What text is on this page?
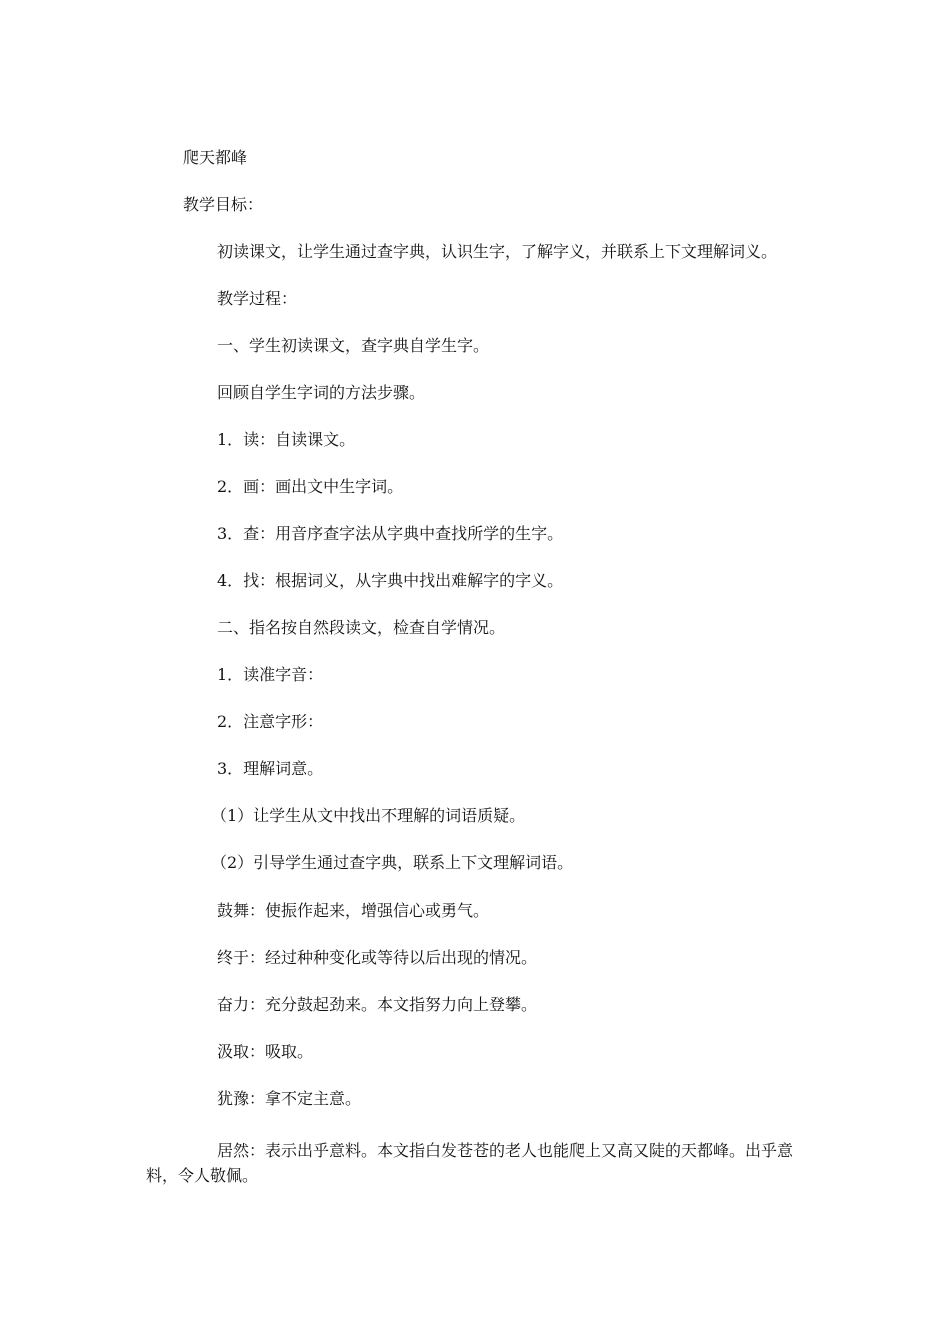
爬天都峰
教学目标：
初读课文，让学生通过查字典，认识生字，了解字义，并联系上下文理解词义。
教学过程：
一、学生初读课文，查字典自学生字。
回顾自学生字词的方法步骤。
1．读：自读课文。
2．画：画出文中生字词。
3．查：用音序查字法从字典中查找所学的生字。
4．找：根据词义，从字典中找出难解字的字义。
二、指名按自然段读文，检查自学情况。
1．读准字音：
2．注意字形：
3．理解词意。
（1）让学生从文中找出不理解的词语质疑。
（2）引导学生通过查字典，联系上下文理解词语。
鼓舞：使振作起来，增强信心或勇气。
终于：经过种种变化或等待以后出现的情况。
奋力：充分鼓起劲来。本文指努力向上登攀。
汲取：吸取。
犹豫：拿不定主意。
居然：表示出乎意料。本文指白发苍苍的老人也能爬上又高又陡的天都峰。出乎意料，令人敬佩。
